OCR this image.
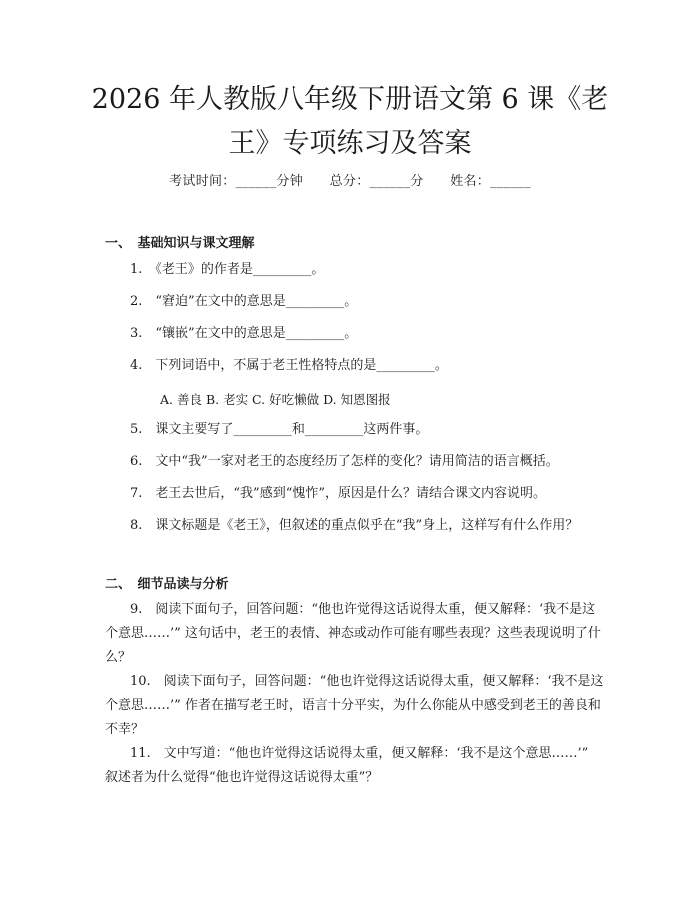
2026 年人教版八年级下册语文第 6 课《老
王》专项练习及答案
考试时间：______分钟　　总分：______分　　姓名：______
一、　基础知识与课文理解
1.　《老王》的作者是_________。
2.　“窘迫”在文中的意思是_________。
3.　“镶嵌”在文中的意思是_________。
4.　下列词语中，不属于老王性格特点的是_________。
A. 善良 B. 老实 C. 好吃懒做 D. 知恩图报
5.　课文主要写了_________和_________这两件事。
6.　文中“我”一家对老王的态度经历了怎样的变化？请用简洁的语言概括。
7.　老王去世后，“我”感到“愧怍”，原因是什么？请结合课文内容说明。
8.　课文标题是《老王》，但叙述的重点似乎在“我”身上，这样写有什么作用？
二、　细节品读与分析
9.　阅读下面句子，回答问题：“他也许觉得这话说得太重，便又解释：‘我不是这个意思……’” 这句话中，老王的表情、神态或动作可能有哪些表现？这些表现说明了什么？
10.　阅读下面句子，回答问题：“他也许觉得这话说得太重，便又解释：‘我不是这个意思……’” 作者在描写老王时，语言十分平实，为什么你能从中感受到老王的善良和不幸？
11.　文中写道：“他也许觉得这话说得太重，便又解释：‘我不是这个意思……’” 叙述者为什么觉得“他也许觉得这话说得太重”？
